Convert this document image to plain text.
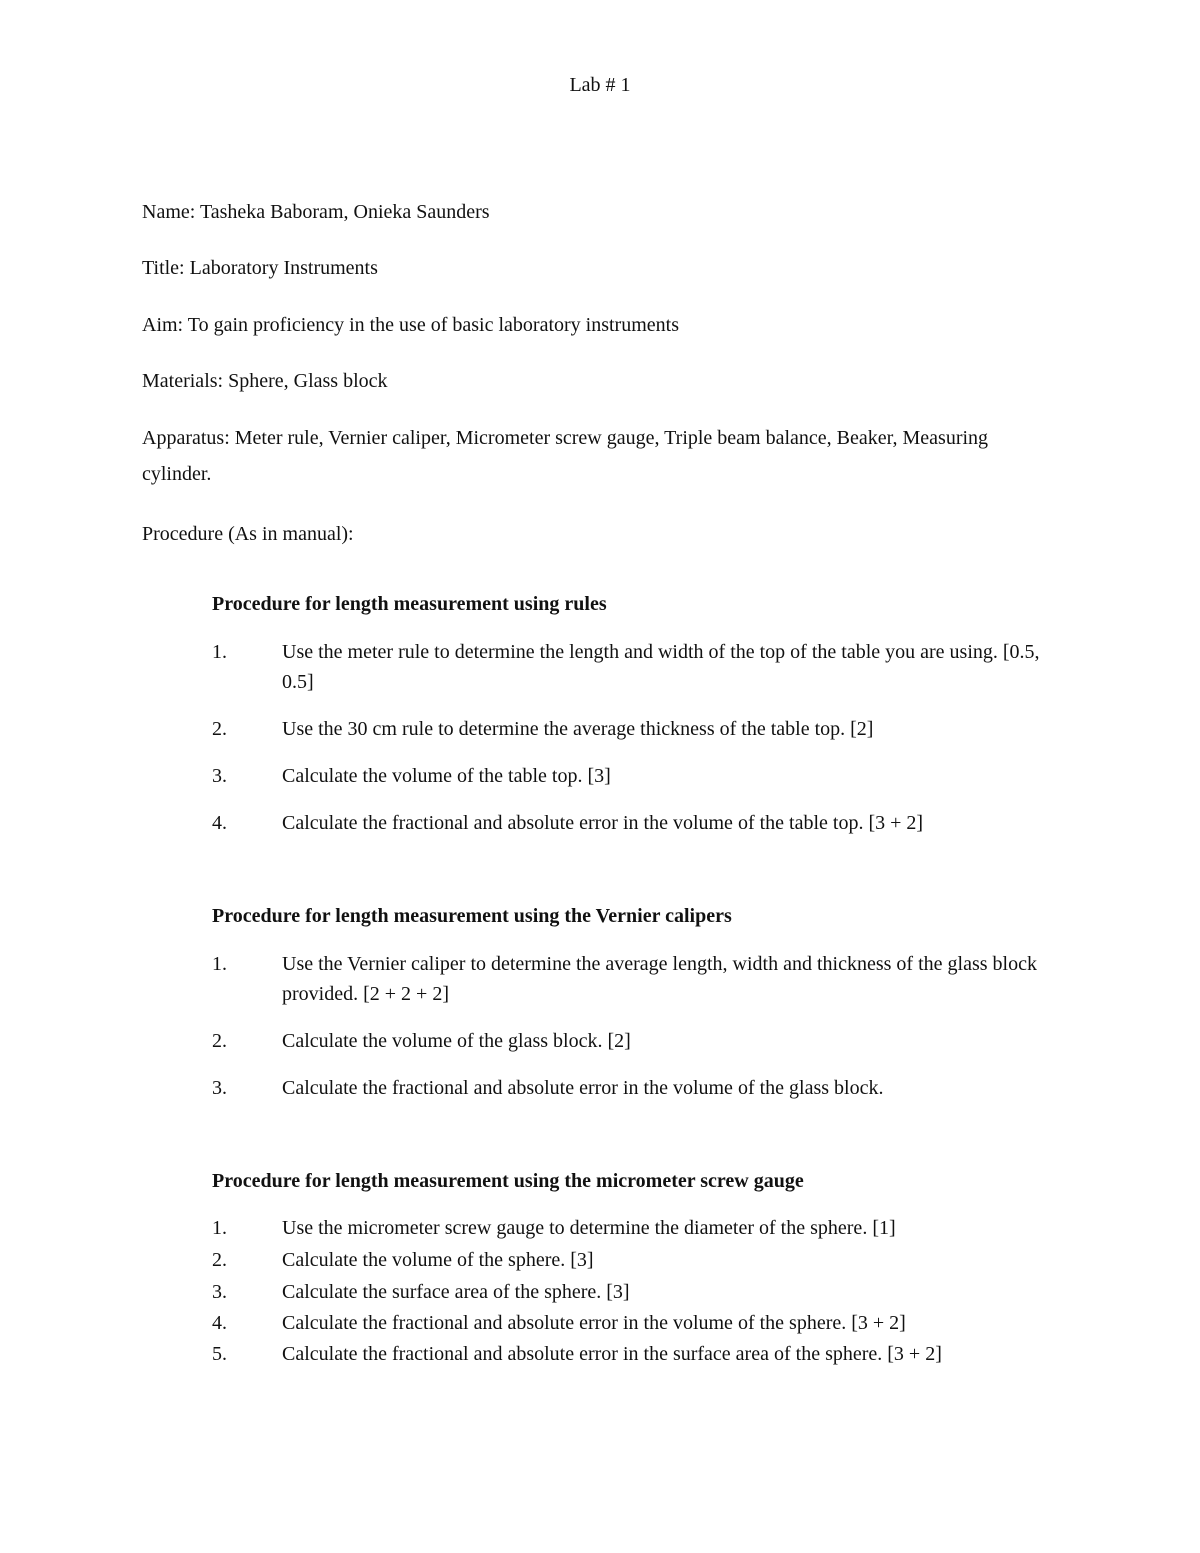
Lab # 1
Name: Tasheka Baboram, Onieka Saunders
Title: Laboratory Instruments
Aim: To gain proficiency in the use of basic laboratory instruments
Materials: Sphere, Glass block
Apparatus: Meter rule, Vernier caliper, Micrometer screw gauge, Triple beam balance, Beaker, Measuring cylinder.
Procedure (As in manual):
Procedure for length measurement using rules
1.	Use the meter rule to determine the length and width of the top of the table you are using. [0.5, 0.5]
2.	Use the 30 cm rule to determine the average thickness of the table top. [2]
3.	Calculate the volume of the table top. [3]
4.	Calculate the fractional and absolute error in the volume of the table top. [3 + 2]
Procedure for length measurement using the Vernier calipers
1.	Use the Vernier caliper to determine the average length, width and thickness of the glass block provided. [2 + 2 + 2]
2.	Calculate the volume of the glass block. [2]
3.	Calculate the fractional and absolute error in the volume of the glass block.
Procedure for length measurement using the micrometer screw gauge
1.	Use the micrometer screw gauge to determine the diameter of the sphere. [1]
2.	Calculate the volume of the sphere. [3]
3.	Calculate the surface area of the sphere. [3]
4.	Calculate the fractional and absolute error in the volume of the sphere. [3 + 2]
5.	Calculate the fractional and absolute error in the surface area of the sphere. [3 + 2]
